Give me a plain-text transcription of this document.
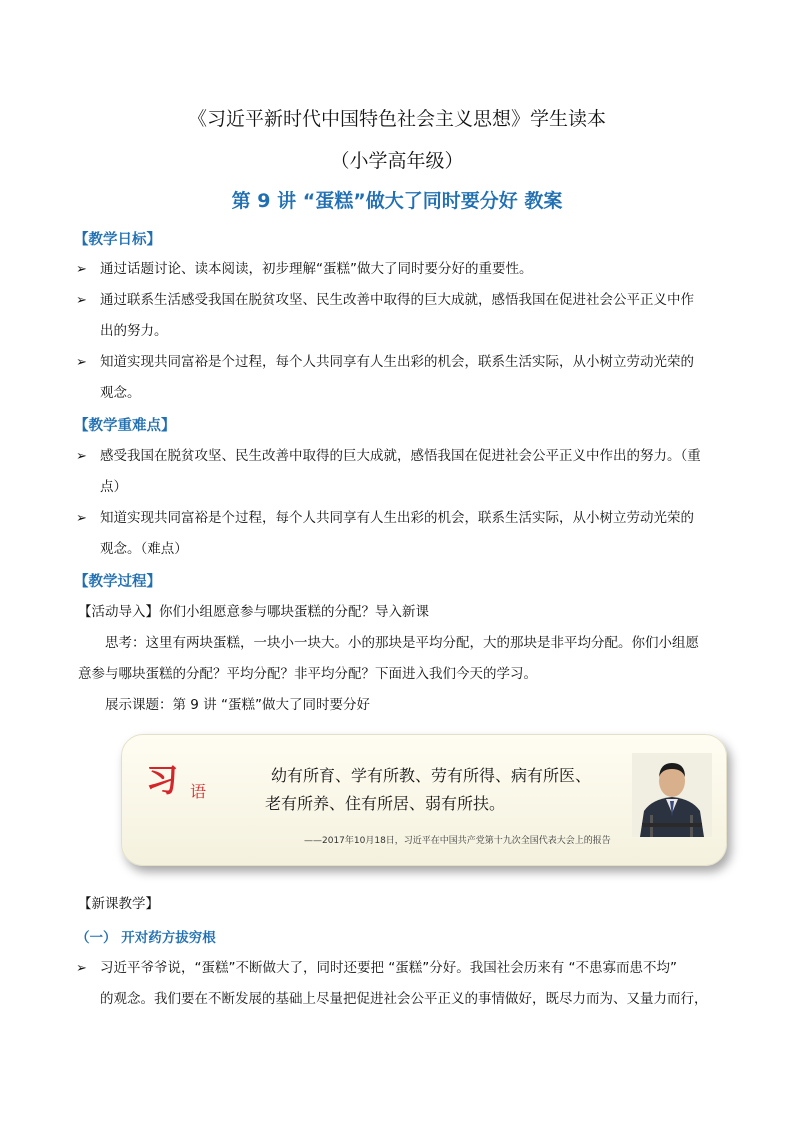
《习近平新时代中国特色社会主义思想》学生读本
（小学高年级）
第 9 讲 “蛋糕”做大了同时要分好 教案
【教学日标】
➢ 通过话题讨论、读本阅读，初步理解“蛋糕”做大了同时要分好的重要性。
➢ 通过联系生活感受我国在脱贫攻坚、民生改善中取得的巨大成就，感悟我国在促进社会公平正义中作
出的努力。
➢ 知道实现共同富裕是个过程，每个人共同享有人生出彩的机会，联系生活实际，从小树立劳动光荣的
观念。
【教学重难点】
➢ 感受我国在脱贫攻坚、民生改善中取得的巨大成就，感悟我国在促进社会公平正义中作出的努力。（重
点）
➢ 知道实现共同富裕是个过程，每个人共同享有人生出彩的机会，联系生活实际，从小树立劳动光荣的
观念。（难点）
【教学过程】
【活动导入】你们小组愿意参与哪块蛋糕的分配？导入新课
思考：这里有两块蛋糕，一块小一块大。小的那块是平均分配，大的那块是非平均分配。你们小组愿
意参与哪块蛋糕的分配？平均分配？非平均分配？下面进入我们今天的学习。
展示课题：第 9 讲 “蛋糕”做大了同时要分好
习 语
幼有所育、学有所教、劳有所得、病有所医、
老有所养、住有所居、弱有所扶。
——2017年10月18日，习近平在中国共产党第十九次全国代表大会上的报告
【新课教学】
（一） 开对药方拔穷根
➢ 习近平爷爷说，“蛋糕”不断做大了，同时还要把 “蛋糕”分好。我国社会历来有 “不患寡而患不均”
的观念。我们要在不断发展的基础上尽量把促进社会公平正义的事情做好，既尽力而为、又量力而行，
